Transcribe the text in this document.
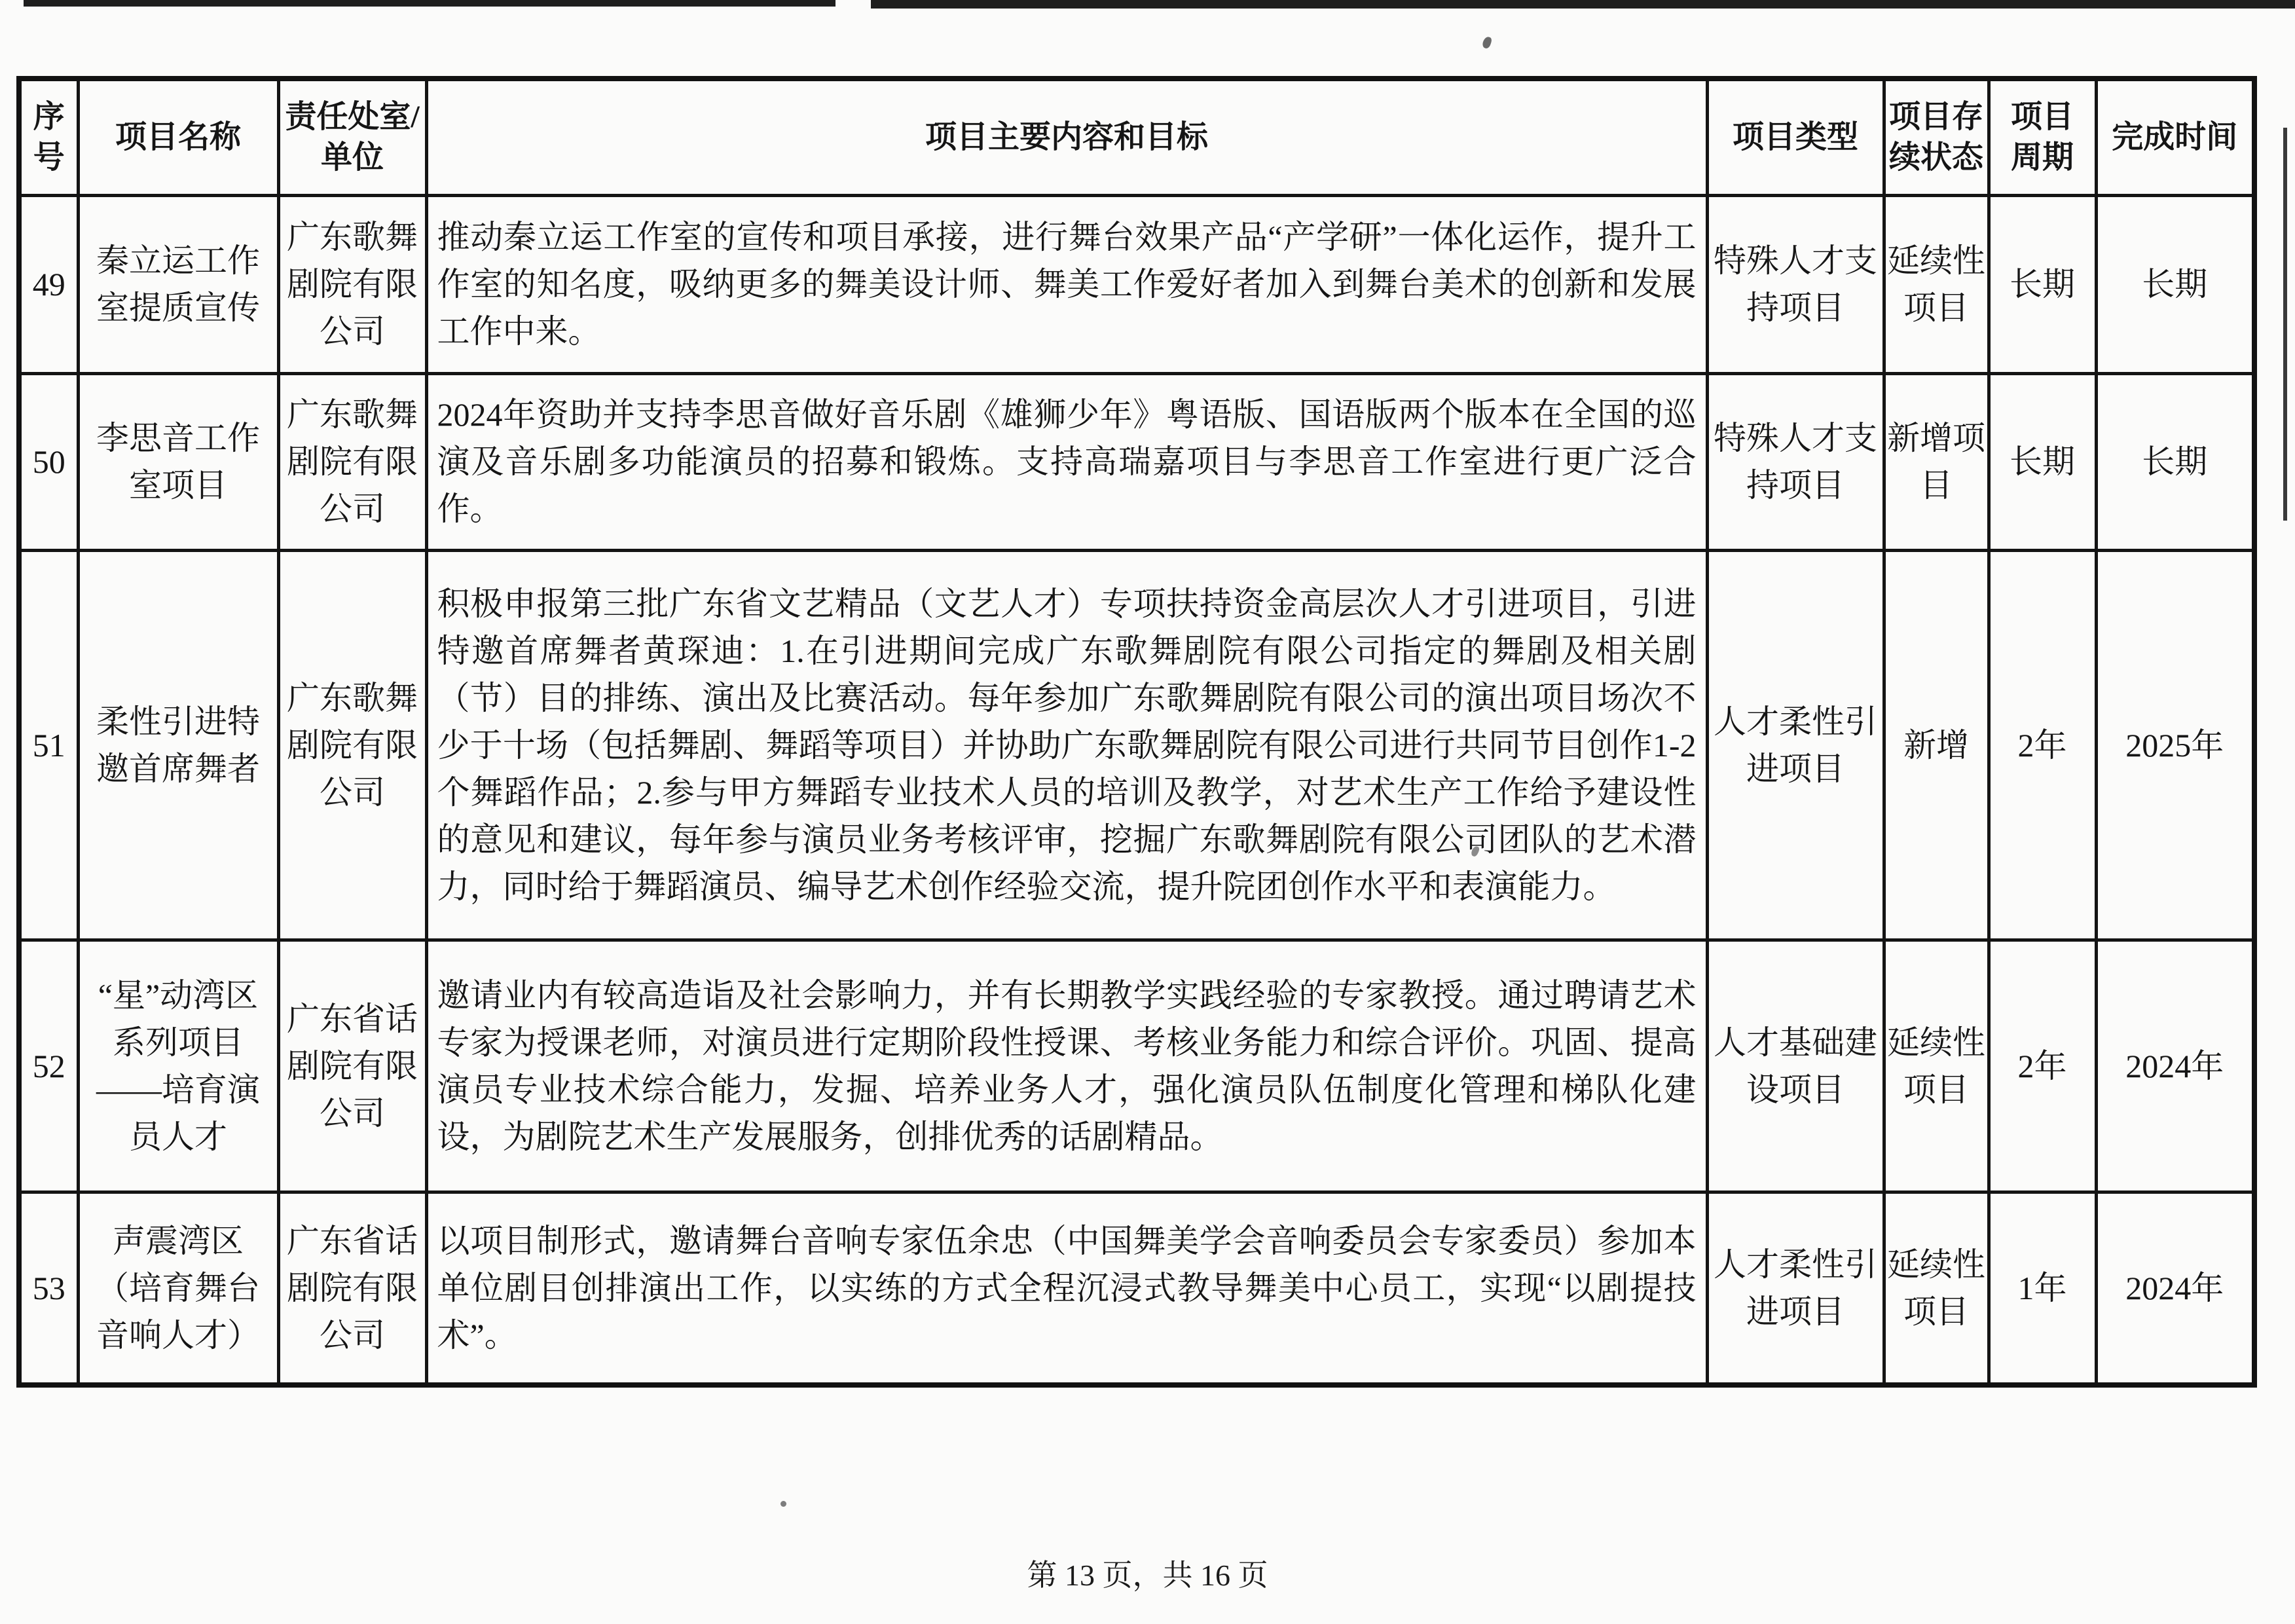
序号	项目名称	责任处室/单位	项目主要内容和目标	项目类型	项目存续状态	项目周期	完成时间
49	秦立运工作室提质宣传	广东歌舞剧院有限公司	推动秦立运工作室的宣传和项目承接，进行舞台效果产品“产学研”一体化运作，提升工作室的知名度，吸纳更多的舞美设计师、舞美工作爱好者加入到舞台美术的创新和发展工作中来。	特殊人才支持项目	延续性项目	长期	长期
50	李思音工作室项目	广东歌舞剧院有限公司	2024年资助并支持李思音做好音乐剧《雄狮少年》粤语版、国语版两个版本在全国的巡演及音乐剧多功能演员的招募和锻炼。支持高瑞嘉项目与李思音工作室进行更广泛合作。	特殊人才支持项目	新增项目	长期	长期
51	柔性引进特邀首席舞者	广东歌舞剧院有限公司	积极申报第三批广东省文艺精品（文艺人才）专项扶持资金高层次人才引进项目，引进特邀首席舞者黄琛迪：1.在引进期间完成广东歌舞剧院有限公司指定的舞剧及相关剧（节）目的排练、演出及比赛活动。每年参加广东歌舞剧院有限公司的演出项目场次不少于十场（包括舞剧、舞蹈等项目）并协助广东歌舞剧院有限公司进行共同节目创作1-2个舞蹈作品；2.参与甲方舞蹈专业技术人员的培训及教学，对艺术生产工作给予建设性的意见和建议，每年参与演员业务考核评审，挖掘广东歌舞剧院有限公司团队的艺术潜力，同时给于舞蹈演员、编导艺术创作经验交流，提升院团创作水平和表演能力。	人才柔性引进项目	新增	2年	2025年
52	“星”动湾区系列项目——培育演员人才	广东省话剧院有限公司	邀请业内有较高造诣及社会影响力，并有长期教学实践经验的专家教授。通过聘请艺术专家为授课老师，对演员进行定期阶段性授课、考核业务能力和综合评价。巩固、提高演员专业技术综合能力，发掘、培养业务人才，强化演员队伍制度化管理和梯队化建设，为剧院艺术生产发展服务，创排优秀的话剧精品。	人才基础建设项目	延续性项目	2年	2024年
53	声震湾区（培育舞台音响人才）	广东省话剧院有限公司	以项目制形式，邀请舞台音响专家伍余忠（中国舞美学会音响委员会专家委员）参加本单位剧目创排演出工作，以实练的方式全程沉浸式教导舞美中心员工，实现“以剧提技术”。	人才柔性引进项目	延续性项目	1年	2024年
第 13 页，共 16 页
